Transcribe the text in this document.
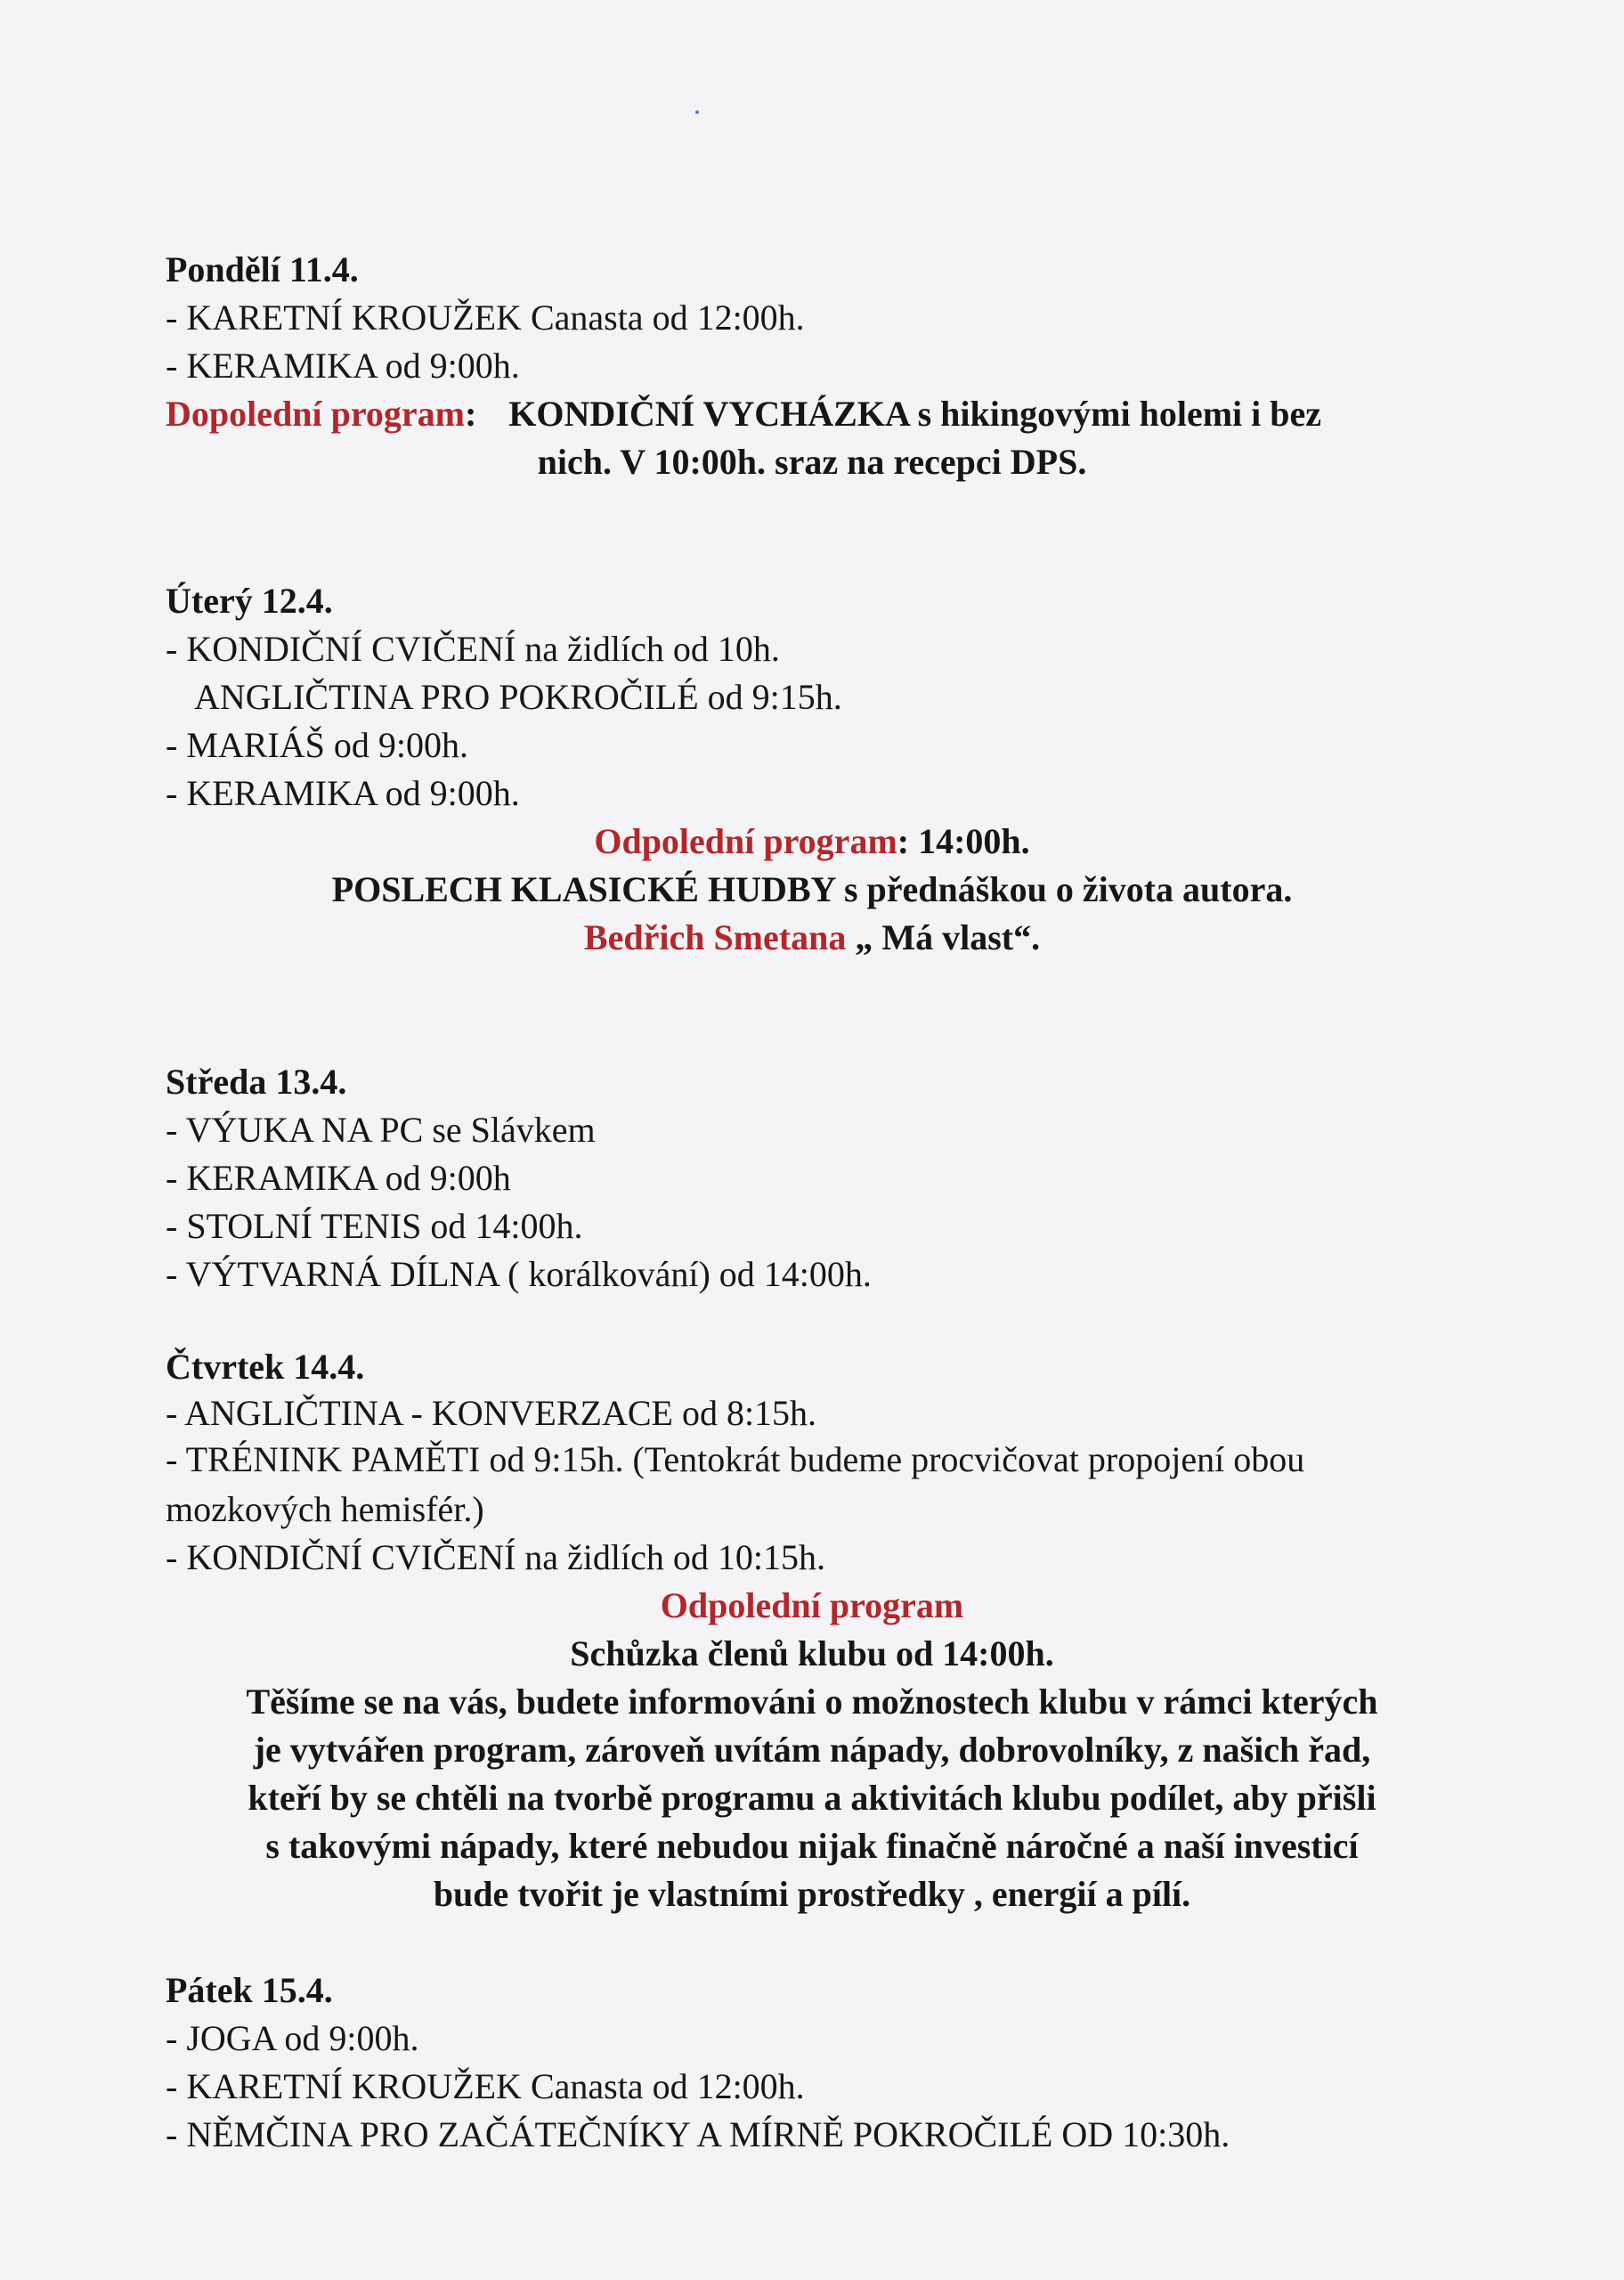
Pondělí 11.4.
- KARETNÍ KROUŽEK Canasta od 12:00h.
- KERAMIKA od 9:00h.
Dopolední program: KONDIČNÍ VYCHÁZKA s hikingovými holemi i bez
nich. V 10:00h. sraz na recepci DPS.
Úterý 12.4.
- KONDIČNÍ CVIČENÍ na židlích od 10h.
ANGLIČTINA PRO POKROČILÉ od 9:15h.
- MARIÁŠ od 9:00h.
- KERAMIKA od 9:00h.
Odpolední program: 14:00h.
POSLECH KLASICKÉ HUDBY s přednáškou o života autora.
Bedřich Smetana „ Má vlast“.
Středa 13.4.
- VÝUKA NA PC se Slávkem
- KERAMIKA od 9:00h
- STOLNÍ TENIS od 14:00h.
- VÝTVARNÁ DÍLNA ( korálkování) od 14:00h.
Čtvrtek 14.4.
- ANGLIČTINA - KONVERZACE od 8:15h.
- TRÉNINK PAMĚTI od 9:15h. (Tentokrát budeme procvičovat propojení obou
mozkových hemisfér.)
- KONDIČNÍ CVIČENÍ na židlích od 10:15h.
Odpolední program
Schůzka členů klubu od 14:00h.
Těšíme se na vás, budete informováni o možnostech klubu v rámci kterých
je vytvářen program, zároveň uvítám nápady, dobrovolníky, z našich řad,
kteří by se chtěli na tvorbě programu a aktivitách klubu podílet, aby přišli
s takovými nápady, které nebudou nijak finačně náročné a naší investicí
bude tvořit je vlastními prostředky , energií a pílí.
Pátek 15.4.
- JOGA od 9:00h.
- KARETNÍ KROUŽEK Canasta od 12:00h.
- NĚMČINA PRO ZAČÁTEČNÍKY A MÍRNĚ POKROČILÉ OD 10:30h.
